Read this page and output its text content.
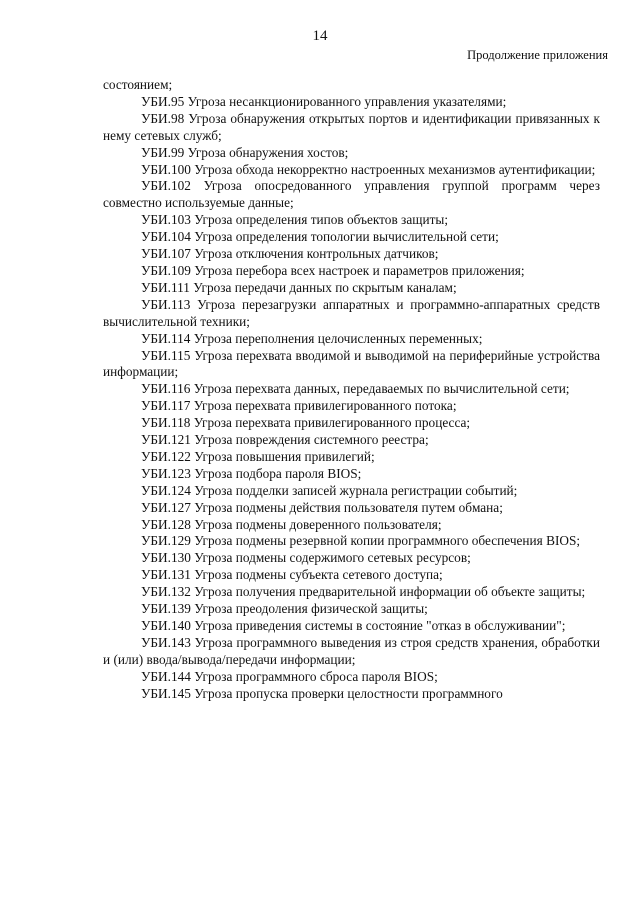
14
Продолжение приложения

состоянием;

УБИ.95 Угроза несанкционированного управления указателями;

УБИ.98 Угроза обнаружения открытых портов и идентификации привязанных к нему сетевых служб;

УБИ.99 Угроза обнаружения хостов;

УБИ.100 Угроза обхода некорректно настроенных механизмов аутентификации;

УБИ.102 Угроза опосредованного управления группой программ через совместно используемые данные;

УБИ.103 Угроза определения типов объектов защиты;

УБИ.104 Угроза определения топологии вычислительной сети;

УБИ.107 Угроза отключения контрольных датчиков;

УБИ.109 Угроза перебора всех настроек и параметров приложения;

УБИ.111 Угроза передачи данных по скрытым каналам;

УБИ.113 Угроза перезагрузки аппаратных и программно-аппаратных средств вычислительной техники;

УБИ.114 Угроза переполнения целочисленных переменных;

УБИ.115 Угроза перехвата вводимой и выводимой на периферийные устройства информации;

УБИ.116 Угроза перехвата данных, передаваемых по вычислительной сети;

УБИ.117 Угроза перехвата привилегированного потока;

УБИ.118 Угроза перехвата привилегированного процесса;

УБИ.121 Угроза повреждения системного реестра;

УБИ.122 Угроза повышения привилегий;

УБИ.123 Угроза подбора пароля BIOS;

УБИ.124 Угроза подделки записей журнала регистрации событий;

УБИ.127 Угроза подмены действия пользователя путем обмана;

УБИ.128 Угроза подмены доверенного пользователя;

УБИ.129 Угроза подмены резервной копии программного обеспечения BIOS;

УБИ.130 Угроза подмены содержимого сетевых ресурсов;

УБИ.131 Угроза подмены субъекта сетевого доступа;

УБИ.132 Угроза получения предварительной информации об объекте защиты;

УБИ.139 Угроза преодоления физической защиты;

УБИ.140 Угроза приведения системы в состояние "отказ в обслуживании";

УБИ.143 Угроза программного выведения из строя средств хранения, обработки и (или) ввода/вывода/передачи информации;

УБИ.144 Угроза программного сброса пароля BIOS;

УБИ.145 Угроза пропуска проверки целостности программного
